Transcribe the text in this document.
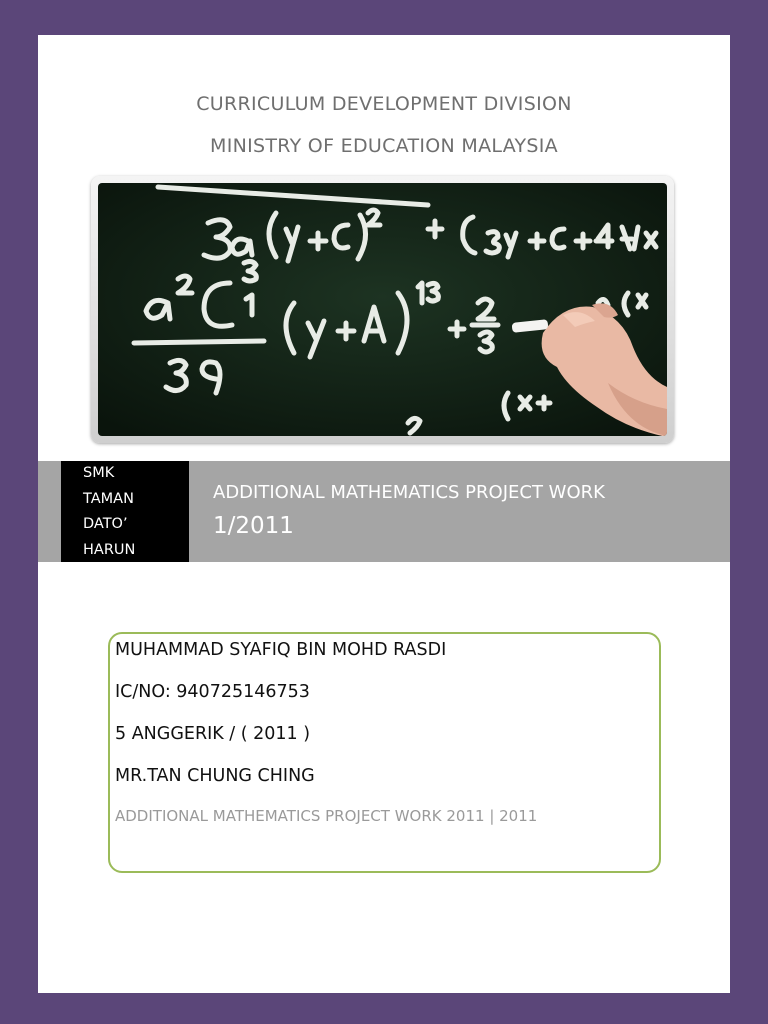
CURRICULUM DEVELOPMENT DIVISION
MINISTRY OF EDUCATION MALAYSIA
SMK
TAMAN
DATO’
HARUN
ADDITIONAL MATHEMATICS PROJECT WORK
1/2011
MUHAMMAD SYAFIQ BIN MOHD RASDI
IC/NO: 940725146753
5 ANGGERIK / ( 2011 )
MR.TAN CHUNG CHING
ADDITIONAL MATHEMATICS PROJECT WORK 2011 | 2011
